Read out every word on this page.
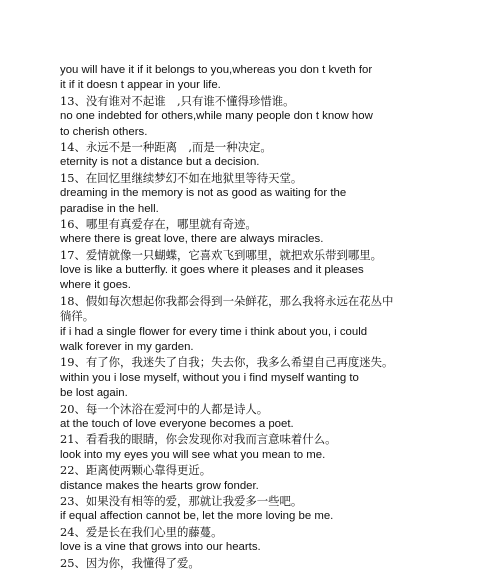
you will have it if it belongs to you,whereas you don t kveth for
it if it doesn t appear in your life.
13、没有谁对不起谁　,只有谁不懂得珍惜谁。
no one indebted for others,while many people don t know how
to cherish others.
14、永远不是一种距离　,而是一种决定。
eternity is not a distance but a decision.
15、在回忆里继续梦幻不如在地狱里等待天堂。
dreaming in the memory is not as good as waiting for the
paradise in the hell.
16、哪里有真爱存在，哪里就有奇迹。
where there is great love, there are always miracles.
17、爱情就像一只蝴蝶，它喜欢飞到哪里，就把欢乐带到哪里。
love is like a butterfly. it goes where it pleases and it pleases
where it goes.
18、假如每次想起你我都会得到一朵鲜花，那么我将永远在花丛中
徜徉。
if i had a single flower for every time i think about you, i could
walk forever in my garden.
19、有了你，我迷失了自我；失去你，我多么希望自己再度迷失。
within you i lose myself, without you i find myself wanting to
be lost again.
20、每一个沐浴在爱河中的人都是诗人。
at the touch of love everyone becomes a poet.
21、看看我的眼睛，你会发现你对我而言意味着什么。
look into my eyes you will see what you mean to me.
22、距离使两颗心靠得更近。
distance makes the hearts grow fonder.
23、如果没有相等的爱，那就让我爱多一些吧。
if equal affection cannot be, let the more loving be me.
24、爱是长在我们心里的藤蔓。
love is a vine that grows into our hearts.
25、因为你，我懂得了爱。
